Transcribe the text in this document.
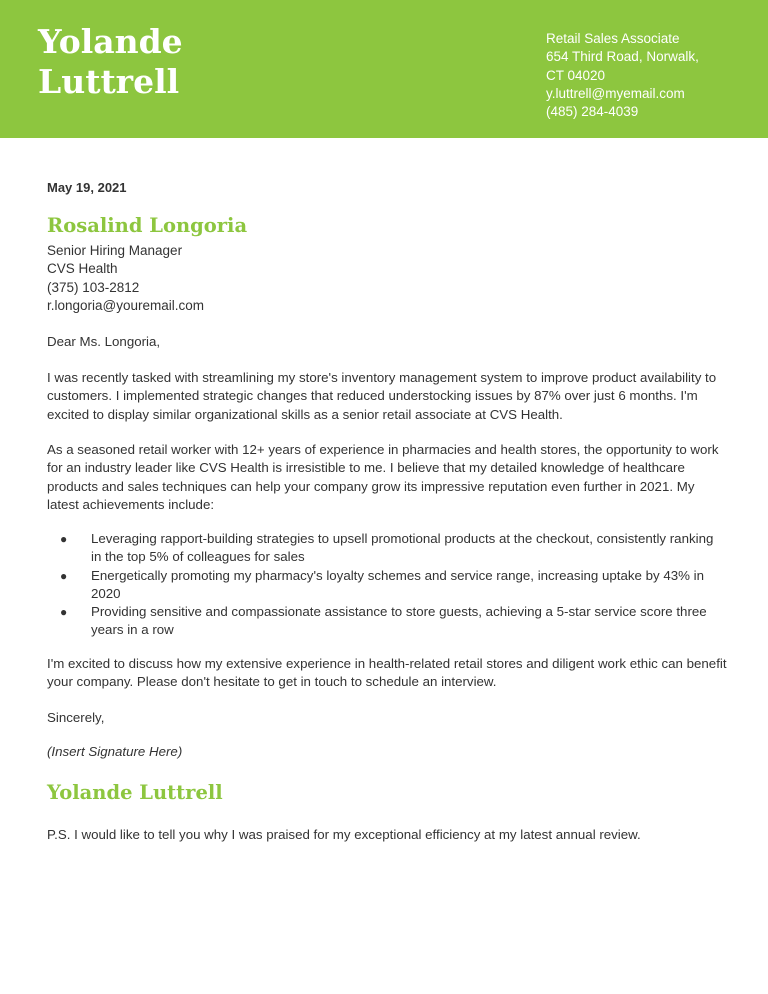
Yolande
Luttrell
Retail Sales Associate
654 Third Road, Norwalk,
CT 04020
y.luttrell@myemail.com
(485) 284-4039
May 19, 2021
Rosalind Longoria
Senior Hiring Manager
CVS Health
(375) 103-2812
r.longoria@youremail.com

Dear Ms. Longoria,

I was recently tasked with streamlining my store's inventory management system to improve product availability to customers. I implemented strategic changes that reduced understocking issues by 87% over just 6 months. I'm excited to display similar organizational skills as a senior retail associate at CVS Health.

As a seasoned retail worker with 12+ years of experience in pharmacies and health stores, the opportunity to work for an industry leader like CVS Health is irresistible to me. I believe that my detailed knowledge of healthcare products and sales techniques can help your company grow its impressive reputation even further in 2021. My latest achievements include:

● Leveraging rapport-building strategies to upsell promotional products at the checkout, consistently ranking in the top 5% of colleagues for sales
● Energetically promoting my pharmacy's loyalty schemes and service range, increasing uptake by 43% in 2020
● Providing sensitive and compassionate assistance to store guests, achieving a 5-star service score three years in a row

I'm excited to discuss how my extensive experience in health-related retail stores and diligent work ethic can benefit your company. Please don't hesitate to get in touch to schedule an interview.

Sincerely,

(Insert Signature Here)

Yolande Luttrell

P.S. I would like to tell you why I was praised for my exceptional efficiency at my latest annual review.
